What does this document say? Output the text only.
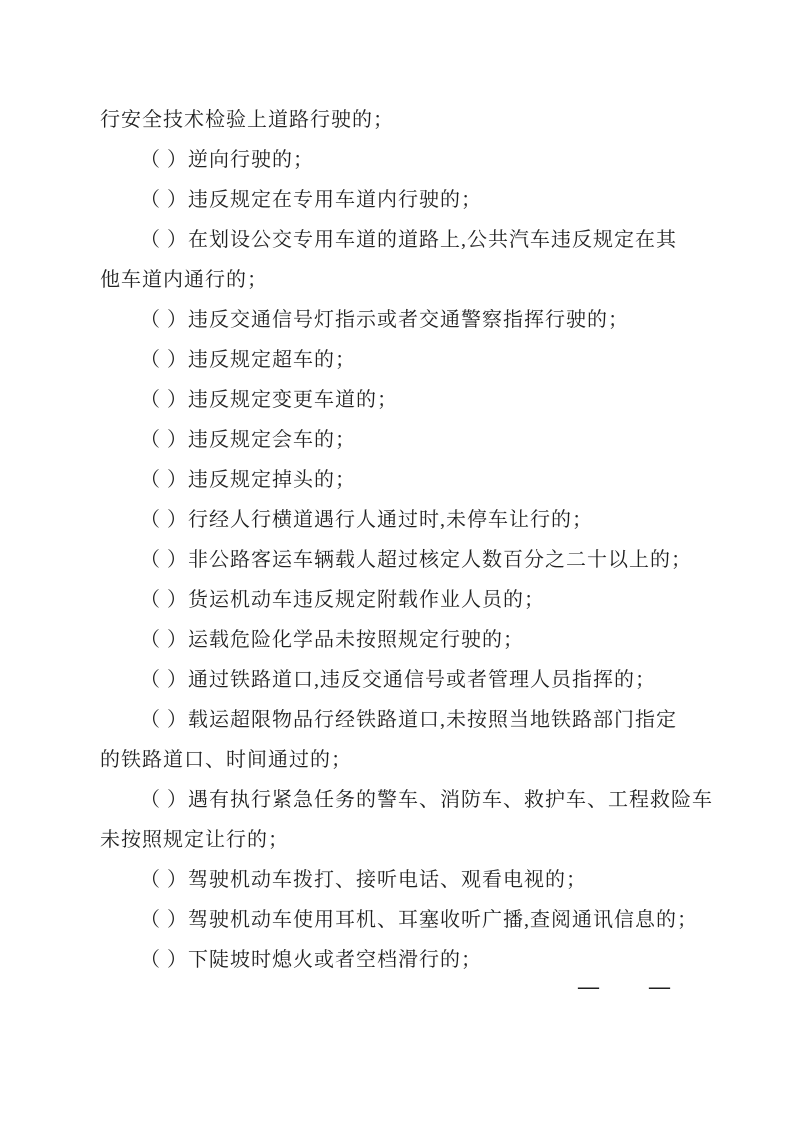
行安全技术检验上道路行驶的；
（ ）逆向行驶的；
（ ）违反规定在专用车道内行驶的；
（ ）在划设公交专用车道的道路上,公共汽车违反规定在其
他车道内通行的；
（ ）违反交通信号灯指示或者交通警察指挥行驶的；
（ ）违反规定超车的；
（ ）违反规定变更车道的；
（ ）违反规定会车的；
（ ）违反规定掉头的；
（ ）行经人行横道遇行人通过时,未停车让行的；
（ ）非公路客运车辆载人超过核定人数百分之二十以上的；
（ ）货运机动车违反规定附载作业人员的；
（ ）运载危险化学品未按照规定行驶的；
（ ）通过铁路道口,违反交通信号或者管理人员指挥的；
（ ）载运超限物品行经铁路道口,未按照当地铁路部门指定
的铁路道口、时间通过的；
（ ）遇有执行紧急任务的警车、消防车、救护车、工程救险车
未按照规定让行的；
（ ）驾驶机动车拨打、接听电话、观看电视的；
（ ）驾驶机动车使用耳机、耳塞收听广播,查阅通讯信息的；
（ ）下陡坡时熄火或者空档滑行的；
— —
